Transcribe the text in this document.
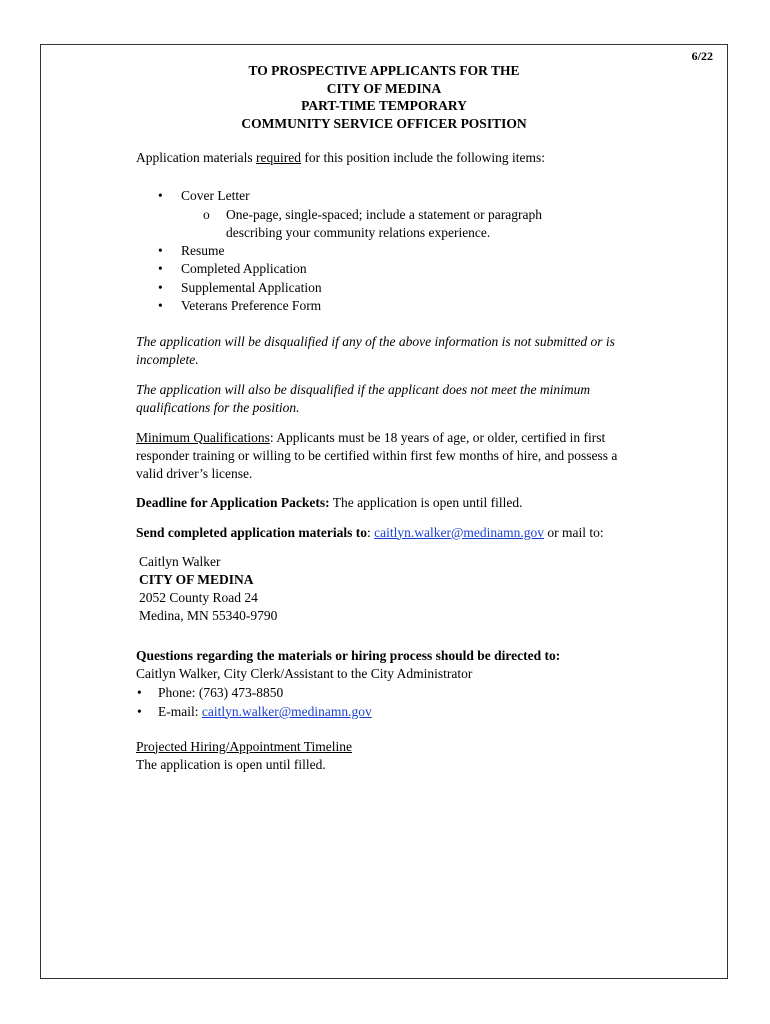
6/22
TO PROSPECTIVE APPLICANTS FOR THE
CITY OF MEDINA
PART-TIME TEMPORARY
COMMUNITY SERVICE OFFICER POSITION

Application materials required for this position include the following items:

• Cover Letter
o One-page, single-spaced; include a statement or paragraph
describing your community relations experience.
• Resume
• Completed Application
• Supplemental Application
• Veterans Preference Form

The application will be disqualified if any of the above information is not submitted or is
incomplete.

The application will also be disqualified if the applicant does not meet the minimum
qualifications for the position.

Minimum Qualifications: Applicants must be 18 years of age, or older, certified in first
responder training or willing to be certified within first few months of hire, and possess a
valid driver’s license.

Deadline for Application Packets: The application is open until filled.

Send completed application materials to: caitlyn.walker@medinamn.gov or mail to:

Caitlyn Walker
CITY OF MEDINA
2052 County Road 24
Medina, MN 55340-9790
Questions regarding the materials or hiring process should be directed to:
Caitlyn Walker, City Clerk/Assistant to the City Administrator
• Phone: (763) 473-8850
• E-mail: caitlyn.walker@medinamn.gov
Projected Hiring/Appointment Timeline
The application is open until filled.
